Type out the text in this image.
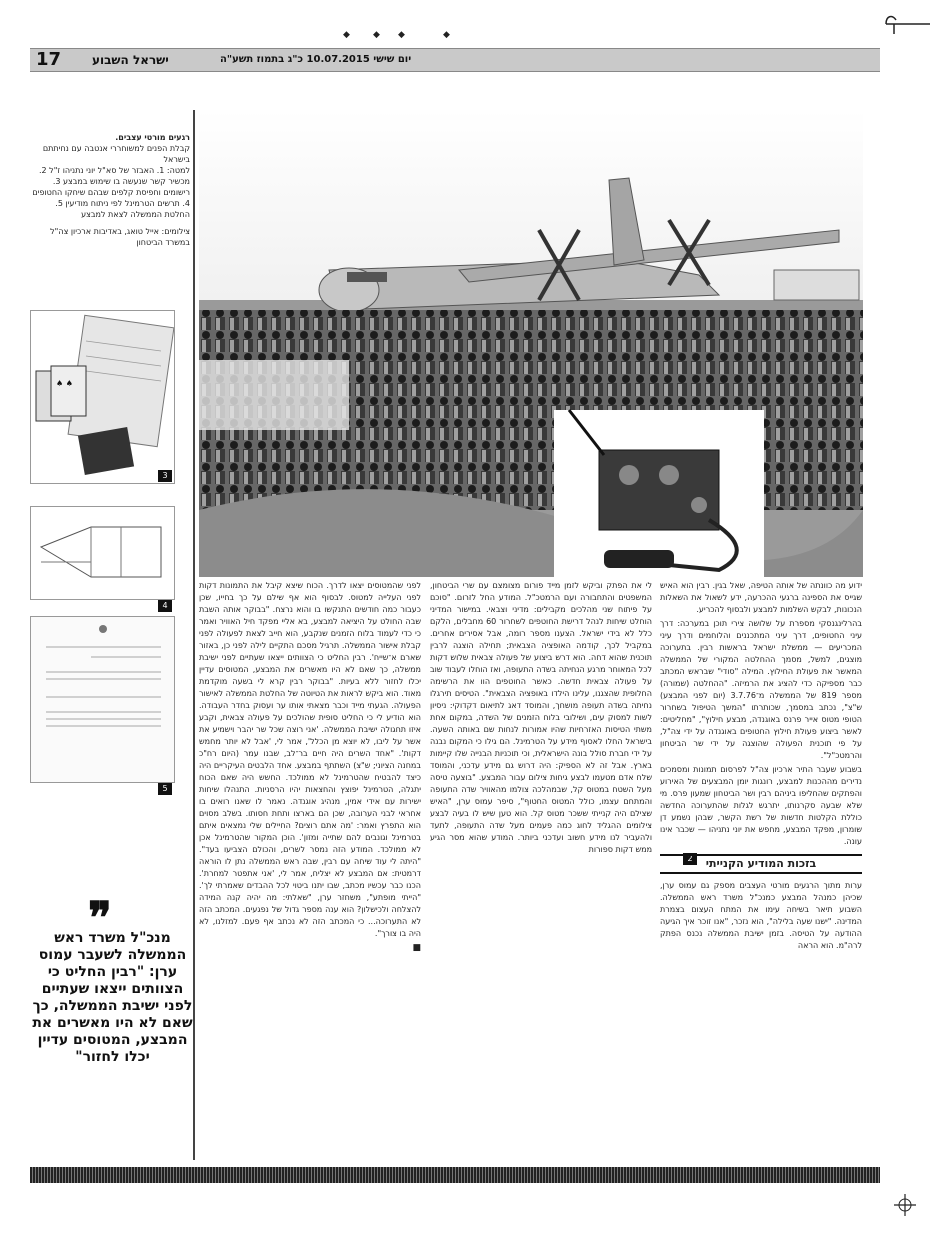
◆	◆ ◆	◆
17	ישראל השבוע	יום שישי 10.07.2015 כ"ג בתמוז תשע"ה
2
רגעים מורטי עצבים.
קבלת הפנים למשוחררי אנטבה עם נחיתתם בישראל
למטה: 1. האבזר של סא"ל יוני נתניהו ז"ל 2. מכשיר קשר שנעשה בו שימוש במבצע 3. רישומים וחפיסת קלפים שבהם שיחקו החטופים 4. תרשים הטרמינל לפי ניתוח מודיעין 5. החלטת הממשלה לצאת למבצע
צילומים: אייל טואג, באדיבות ארכיון צה"ל במשרד הביטחון
♠ ♠
3
4
5
❞
מנכ"ל משרד ראש הממשלה לשעבר עמוס ערן: "רבין החליט כי הצוותים ייצאו שעתיים לפני ישיבת הממשלה, כך שאם לא היו מאשרים את המבצע, המטוסים עדיין יכלו לחזור"

ידוע מה כוונתה של אותה הטיפה, שאל בגין. רבין הוא האיש שגייס את הספינה ברגעי ההכרעה, ידע לשאול את השאלות הנכונות, לבקש השלמות למבצע ולבסוף להכריע.

בהרלינגנסקי מספרת על שלושה צירי תוכן במערכה: דרך עיני החטופים, דרך עיני המתכננים והלוחמים ודרך עיני המכריעים — ממשלת ישראל בראשות רבין. בתערוכה מוצגים, למשל, מסמך ההחלטה המקורי של הממשלה המאשר את פעולת החילוץ. המילה "סודי" שבראש המכתב כבר מספיקה כדי להציג את הרמיזה. "ההחלטה (שמורה) מספר 819 של הממשלה מ־3.7.76 (יום לפני המבצע) ש"צ", נכתב במסמך, שכותרתו "המשך הטיפול בשחרור הטופי מטוס אייר פרנס באוגנדה, מבצע חילוץ", "מחליטים: לאשר ביצוע פעולת חילוץ החטופים באוגנדה על ידי צה"ל, על פי תוכנית הפעולה שהוצגה על ידי שר הביטחון והרמטכ"ל".

בשבוע שעבר התיר ארכיון צה"ל לפרסום תמונות ומסמכים נדירים מההכנות למבצע, רונגות יומן המבצעים של האירוע והפתקים שהחליפו ביניהם רבין ושר הביטחון שמעון פרס. מי שלא שבעה סקרנותו, יתרגש לגלות שהתערוכה החדשה כוללת הקלטות חדשות של רשת הקשר, שבהן נשמע דן שומרון, מפקד המבצע, מחפש את יוני נתניהו — שכבר אינו עונה.

בזכות המודיע הקנייתי

ערות מתוך הרגעים מורטי העצבים מספק גם עמוס ערן, שכיהן כמנהל המבצע כמנכ"ל משרד ראש הממשלה. השבוע תיאר בשיחה עימו את המתח העצום בצמרת המדינה. "ישנו שעה בלילה", הוא נזכר, "אנו זוכר איך הגיעה ההודעה על הטיסה. בזמן ישיבת הממשלה נכנס הפתק לרה"מ. הוא הראה

לי את הפתק וביקש לזמן מייד פורום מצומצם עם שרי הביטחון, המשפטים והתחבורה ועם הרמטכ"ל. המודע החל לזרום. "סוכם על פיתוח שני מהלכים מקבילים: מדיני וצבאי. במישור המדיני הוחלט שיחות לנהל דרישת החוטפים לשחרור 60 מחבלים, הלקם כלל לא בידי ישראל. הצענו מספר רומה, אבל אסירים אחרים. במקביל לכך, קודמה האופציה הצבאית; תחילה הוצגה לרבין תוכנית שהוא דחה. הוא דרש ביצוע של פעולה צבאית שלוש דקות לכל המאוחר מרגע הנחיתה בשדה התעופה, ואז הוחלו לעבוד שוב על פעולה צבאית חדשה. כאשר החוטפים הוו את הרשימה החלופית שהצגנו, עלינו הילדו באופציה הצבאית". הטיסים תירגלו נחיתה בשדה תעופה מושחך, והמוסד דאג לתיאום דקדוקי: ניסיון לשות למסוק עים, ושילובי בלוח הזמנים של השדה, במקום אחת משתי הטיסות האזרחיות שהיו אמורות לנחות שם באותה השעה. בישראל החלו לאסוף מידע על הטרמינל. הם גילו כי המקום נבנה על ידי חברת סולל בונה הישראלית, וכי תוכניות הבנייה שלו קיימות בארץ. אבל זה לא הספיק: היה דרוש גם מידע עדכני, והמוסד שלח אדם מטעמו לבצע גיחות צילום עבור המבצע. "בוצעה טיסה מעל השטח במטוס קל, שבמהלכה צולמו מהאוויר שדה התעופה והמתחם עצמו, כולל המטוס החטוף", סיפר עמוס ערן, "האיש שצילם היה קנייתי ששכר מטוס קל. הוא טען שיש לו בעיה לבצע צילומים ההגליד לחוג כמה פעמים מעל שדה התעופה, לתעד ולהעביר לנו מידע חשוב ועדכני ביותר. המודע שהוא מסר הגיע ממש דקות ספורות

לפני שהמטוסים יצאו לדרך. הכוח שיצא קיבל את התמונות דקות לפני העלייה למטוס. לבסוף הוא אף שילם על כך בחייו, שכן כעבור כמה חודשים התנקשו בו והוא נרצח. "בבוקר אותה השבת שבה החולט על היציאה למבצע, בא אליי מפקד חיל האוויר ואמר כי כדי לעמוד בלוח הזמנים שנקבע, הוא חייב לצאת לפעולה לפני קבלת אישור הממשלה. תרגיל מסכם התקיים לילה לפני כן, באזור שארם א־שייח'. רבין החליט כי הצוותים ייצאו שעתיים לפני ישיבת ממשלה, כך שאם לא היו מאשרים את המבצע, המטוסים עדיין יכלו לחזור ללא בעיות. "בבוקר רבין קרא לי בשעה מוקדמת מאוד. הוא ביקש לראות את הטיוטה של החלטת הממשלה לאישור הפעולה. הגעתי מייד וכבר מצאתי אותו ער ועסוק בחדר העבודה. הוא הודיע לי כי החליט סופית שהולכים על פעולה צבאית, וקבע איזו תחגולה ישיבת הממשלה. 'אני רוצה שכל שר יהבר וישמיע את אשר על ליבו, לא יוצא מן הכלל', אמר לי, 'אבל לא יותר מחמש דקות'. "אחד השרים היה חיים בר־לב, שבנו עמר (היום רח"כ במחנה הציוני; ש"צ) השתתף במבצע. אחד הלבטים העיקריים היה כיצד להבטיח שהטרמינל לא ממולכד. החשש היה שאם הכוח יתגלה, הטרמינל יפוצץ והחצאות יהיו הרסניות. התנהלו שיחות ישירות עם אידי אמין, מנהיג אוגנדה. נאמר לו שאנו רואים בו אחראי לבני הערובה, שכן הם בארצו ותחת חסותו. בשלב מסוים הוא התפרץ ואמר: 'מה אתם רוצים? החיילים שלי נמצאים איתם בטרמינל וגונבים להם שתייה ומזון'. הוכן המקור שהטרמינל אכן לא ממולכד. המודע הזה נמסר לשרים, והכולם הצביעו בעד". "היתה לי עוד שיחה עם רבין, שבה ראש הממשלה נתן לו הוראה דרמטית: אם המבצע לא יצליח, אמר לי, 'אני אתפטר למחרת'. הכנו כבר עכשיו מכתב, שבו יתנו ביטוי לכל ההבדים שאמרתי לך'. "הייתי מופתע", משחזר ערן, "שאלתי: מה יהיה קנה המידה להצלחה ולכישלון? הוא ענה מספר גדול של נפגעים. המכתב הזה לא התערוכה... כי המכתב הזה לא נכתב אף פעם. למזלנו, לא היה בו צורך".

■
